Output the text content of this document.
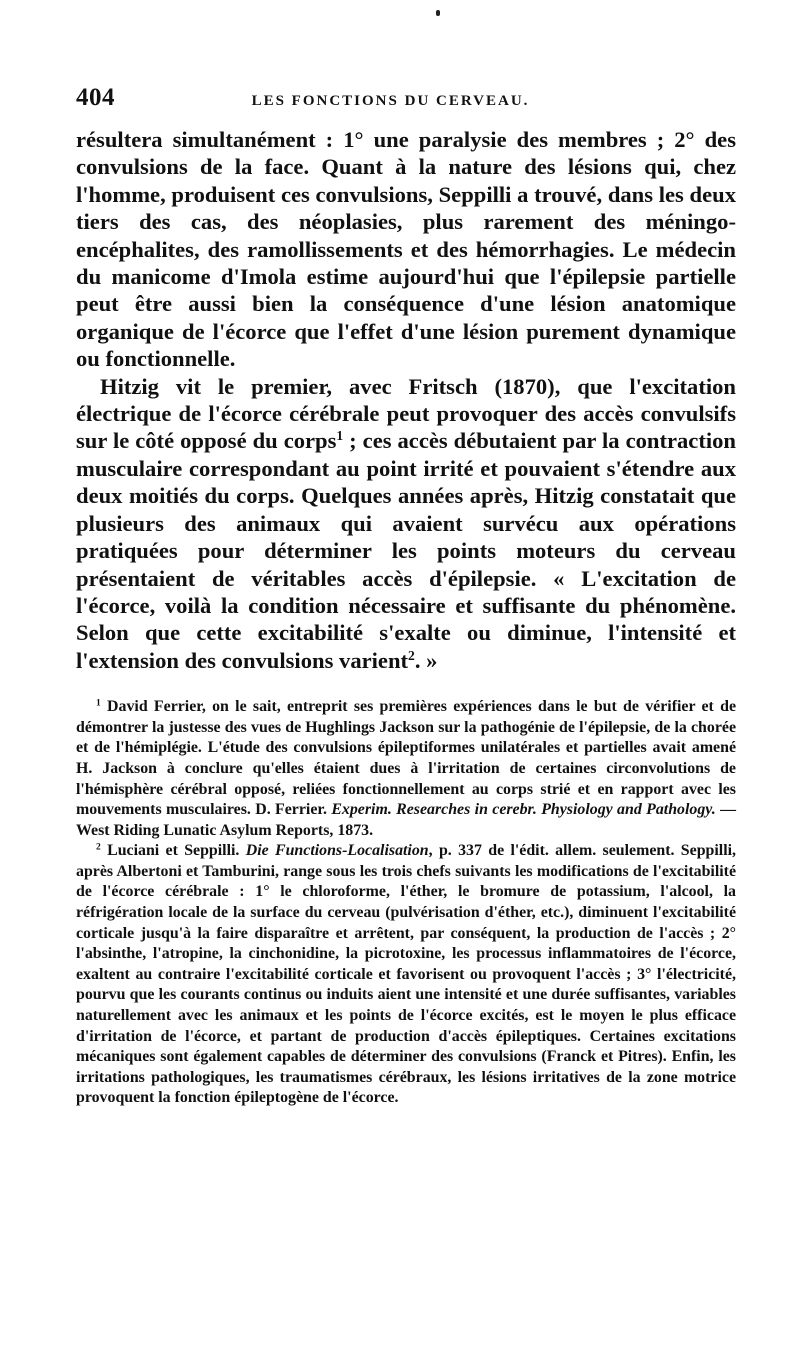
404	LES FONCTIONS DU CERVEAU.

résultera simultanément : 1° une paralysie des membres ; 2° des convulsions de la face. Quant à la nature des lésions qui, chez l'homme, produisent ces convulsions, Seppilli a trouvé, dans les deux tiers des cas, des néoplasies, plus rarement des méningo-encéphalites, des ramollissements et des hémorrhagies. Le médecin du manicome d'Imola estime aujourd'hui que l'épilepsie partielle peut être aussi bien la conséquence d'une lésion anatomique organique de l'écorce que l'effet d'une lésion purement dynamique ou fonctionnelle.

Hitzig vit le premier, avec Fritsch (1870), que l'excitation électrique de l'écorce cérébrale peut provoquer des accès convulsifs sur le côté opposé du corps$^1$ ; ces accès débutaient par la contraction musculaire correspondant au point irrité et pouvaient s'étendre aux deux moitiés du corps. Quelques années après, Hitzig constatait que plusieurs des animaux qui avaient survécu aux opérations pratiquées pour déterminer les points moteurs du cerveau présentaient de véritables accès d'épilepsie. « L'excitation de l'écorce, voilà la condition nécessaire et suffisante du phénomène. Selon que cette excitabilité s'exalte ou diminue, l'intensité et l'extension des convulsions varient$^2$. »

$^1$ David Ferrier, on le sait, entreprit ses premières expériences dans le but de vérifier et de démontrer la justesse des vues de Hughlings Jackson sur la pathogénie de l'épilepsie, de la chorée et de l'hémiplégie. L'étude des convulsions épileptiformes unilatérales et partielles avait amené H. Jackson à conclure qu'elles étaient dues à l'irritation de certaines circonvolutions de l'hémisphère cérébral opposé, reliées fonctionnellement au corps strié et en rapport avec les mouvements musculaires. D. Ferrier. Experim. Researches in cerebr. Physiology and Pathology. — West Riding Lunatic Asylum Reports, 1873.

$^2$ Luciani et Seppilli. Die Functions-Localisation, p. 337 de l'édit. allem. seulement. Seppilli, après Albertoni et Tamburini, range sous les trois chefs suivants les modifications de l'excitabilité de l'écorce cérébrale : 1° le chloroforme, l'éther, le bromure de potassium, l'alcool, la réfrigération locale de la surface du cerveau (pulvérisation d'éther, etc.), diminuent l'excitabilité corticale jusqu'à la faire disparaître et arrêtent, par conséquent, la production de l'accès ; 2° l'absinthe, l'atropine, la cinchonidine, la picrotoxine, les processus inflammatoires de l'écorce, exaltent au contraire l'excitabilité corticale et favorisent ou provoquent l'accès ; 3° l'électricité, pourvu que les courants continus ou induits aient une intensité et une durée suffisantes, variables naturellement avec les animaux et les points de l'écorce excités, est le moyen le plus efficace d'irritation de l'écorce, et partant de production d'accès épileptiques. Certaines excitations mécaniques sont également capables de déterminer des convulsions (Franck et Pitres). Enfin, les irritations pathologiques, les traumatismes cérébraux, les lésions irritatives de la zone motrice provoquent la fonction épileptogène de l'écorce.
